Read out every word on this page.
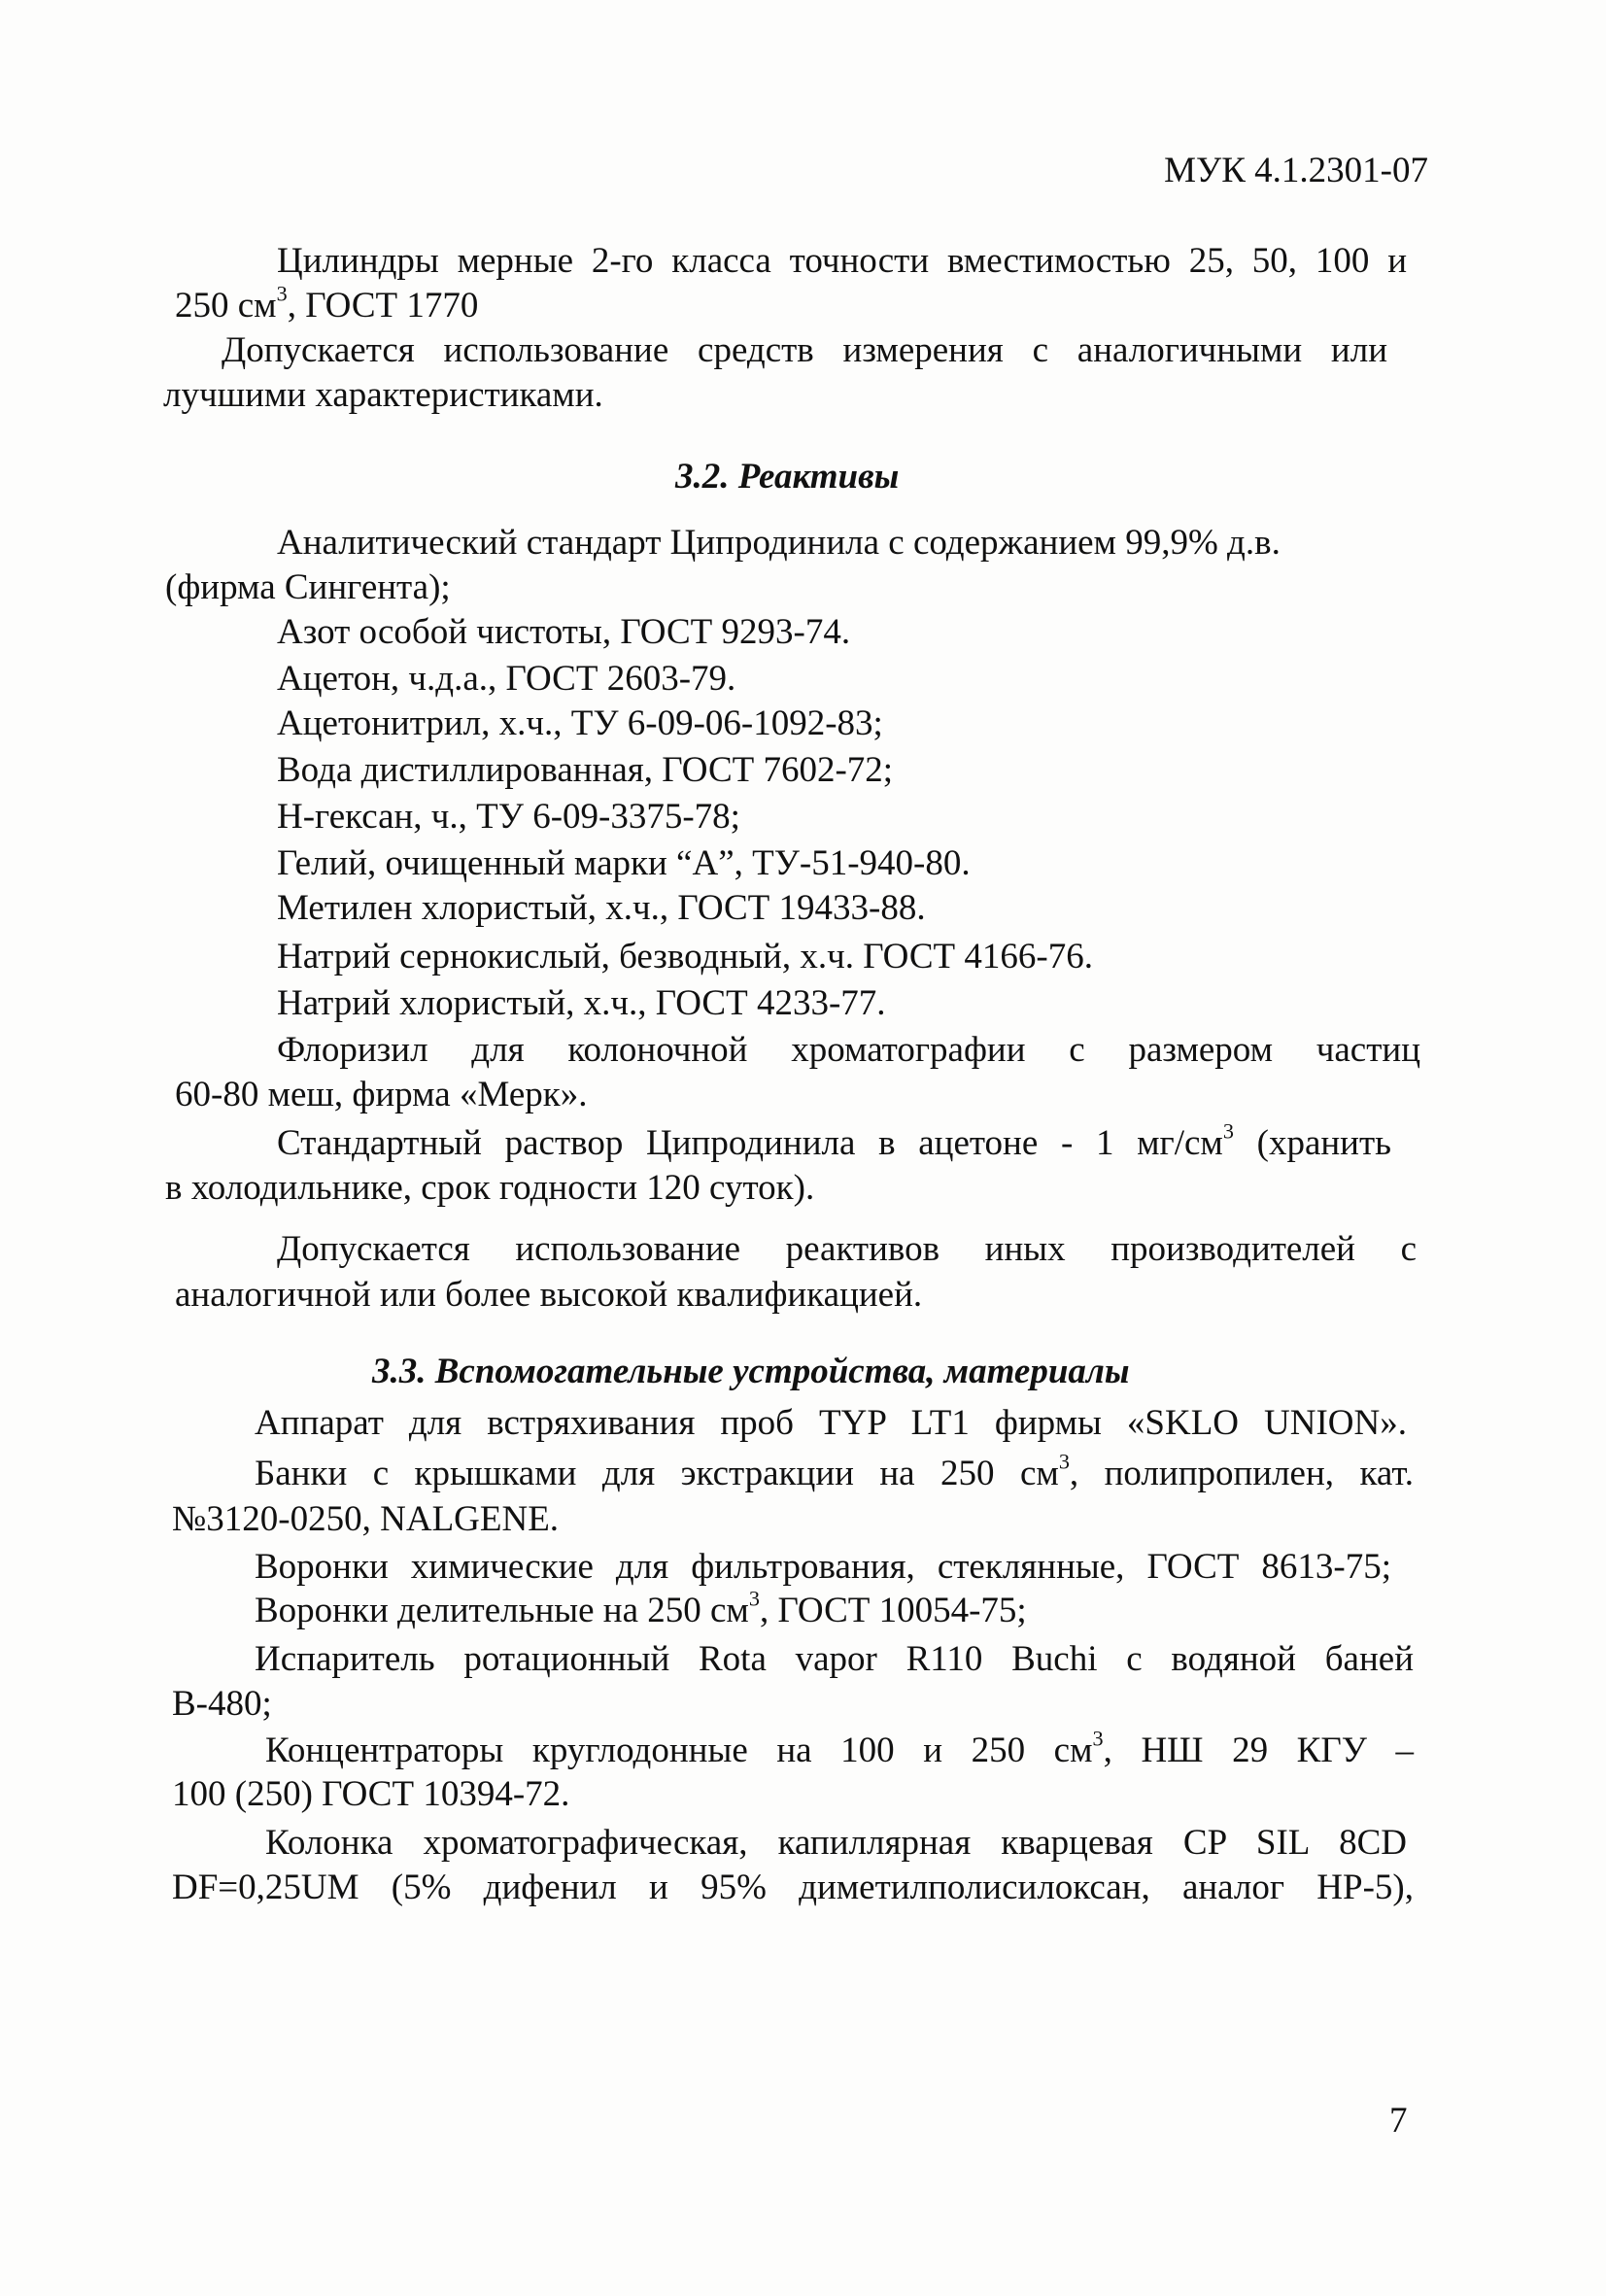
МУК 4.1.2301-07
Цилиндры мерные 2-го класса точности вместимостью 25, 50, 100 и
250 $см^3$, ГОСТ 1770
Допускается использование средств измерения с аналогичными или
лучшими характеристиками.
3.2. Реактивы
Аналитический стандарт Ципродинила с содержанием 99,9% д.в.
(фирма Сингента);
Азот особой чистоты, ГОСТ 9293-74.
Ацетон, ч.д.а., ГОСТ 2603-79.
Ацетонитрил, х.ч., ТУ 6-09-06-1092-83;
Вода дистиллированная, ГОСТ 7602-72;
Н-гексан, ч., ТУ 6-09-3375-78;
Гелий, очищенный марки “А”, ТУ-51-940-80.
Метилен хлористый, х.ч., ГОСТ 19433-88.
Натрий сернокислый, безводный, х.ч. ГОСТ 4166-76.
Натрий хлористый, х.ч., ГОСТ 4233-77.
Флоризил для колоночной хроматографии с размером частиц
60-80 меш, фирма «Мерк».
Стандартный раствор Ципродинила в ацетоне - 1 $мг/см^3$ (хранить
в холодильнике, срок годности 120 суток).
Допускается использование реактивов иных производителей с
аналогичной или более высокой квалификацией.
3.3. Вспомогательные устройства, материалы
Аппарат для встряхивания проб TYP LT1 фирмы «SKLO UNION».
Банки с крышками для экстракции на 250 $см^3$, полипропилен, кат.
№3120-0250, NALGENE.
Воронки химические для фильтрования, стеклянные, ГОСТ 8613-75;
Воронки делительные на 250 $см^3$, ГОСТ 10054-75;
Испаритель ротационный Rota vapor R110 Buchi с водяной баней
В-480;
Концентраторы круглодонные на 100 и 250 $см^3$, НШ 29 КГУ –
100 (250) ГОСТ 10394-72.
Колонка хроматографическая, капиллярная кварцевая CP SIL 8CD
DF=0,25UM (5% дифенил и 95% диметилполисилоксан, аналог HP-5),
7
